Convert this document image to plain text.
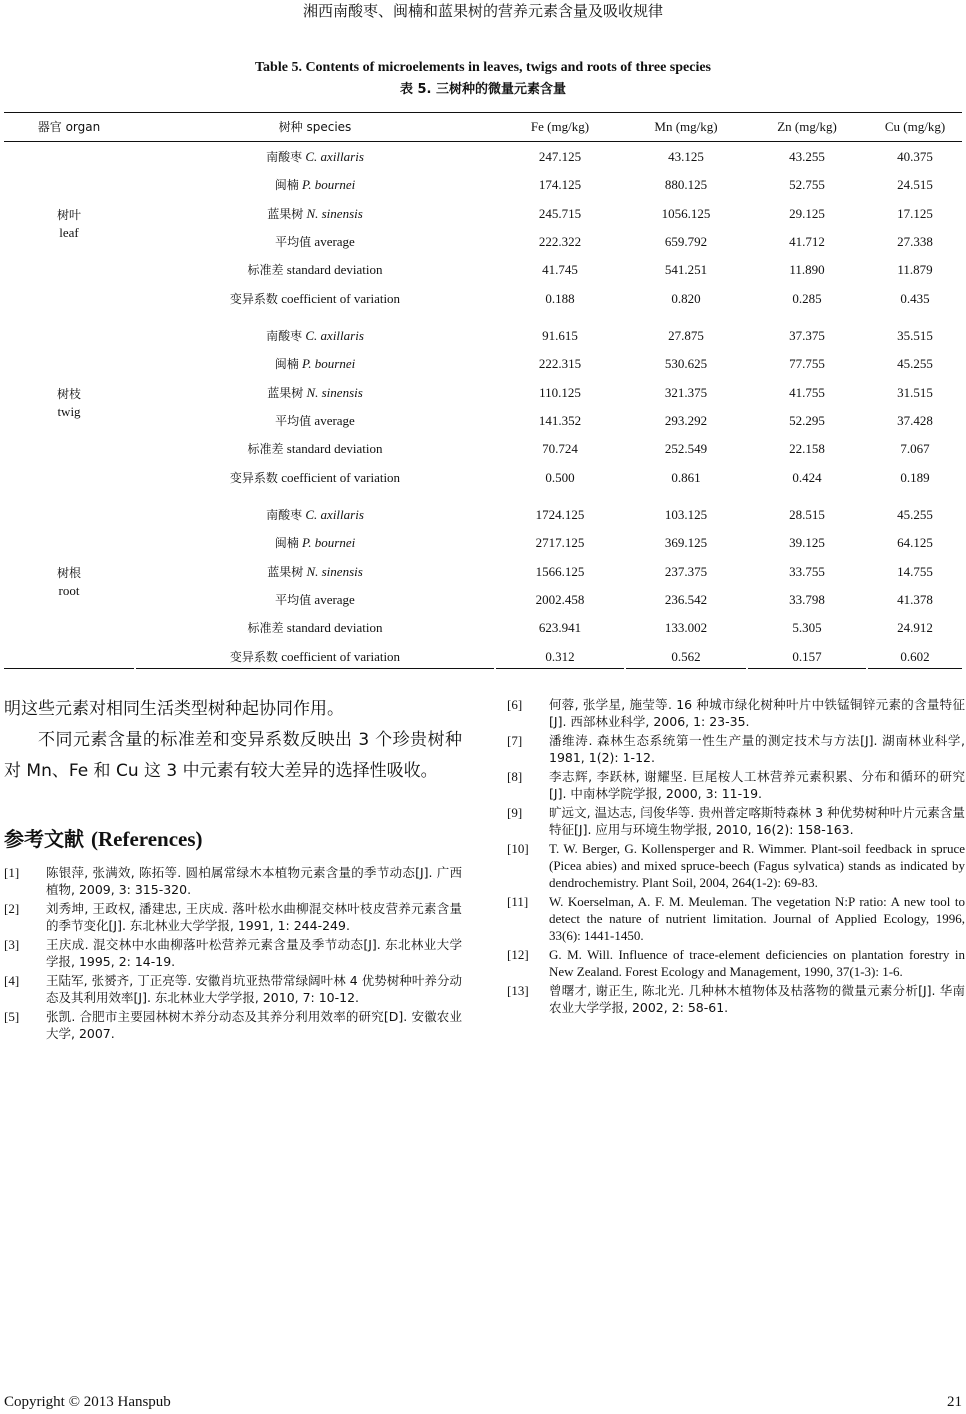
湘西南酸枣、闽楠和蓝果树的营养元素含量及吸收规律
Table 5. Contents of microelements in leaves, twigs and roots of three species
表 5. 三树种的微量元素含量
器官 organ	树种 species	Fe (mg/kg)	Mn (mg/kg)	Zn (mg/kg)	Cu (mg/kg)
树叶
leaf
南酸枣 C. axillaris	247.125	43.125	43.255	40.375
闽楠 P. bournei	174.125	880.125	52.755	24.515
蓝果树 N. sinensis	245.715	1056.125	29.125	17.125
平均值 average	222.322	659.792	41.712	27.338
标准差 standard deviation	41.745	541.251	11.890	11.879
变异系数 coefficient of variation	0.188	0.820	0.285	0.435
树枝
twig
南酸枣 C. axillaris	91.615	27.875	37.375	35.515
闽楠 P. bournei	222.315	530.625	77.755	45.255
蓝果树 N. sinensis	110.125	321.375	41.755	31.515
平均值 average	141.352	293.292	52.295	37.428
标准差 standard deviation	70.724	252.549	22.158	7.067
变异系数 coefficient of variation	0.500	0.861	0.424	0.189
树根
root
南酸枣 C. axillaris	1724.125	103.125	28.515	45.255
闽楠 P. bournei	2717.125	369.125	39.125	64.125
蓝果树 N. sinensis	1566.125	237.375	33.755	14.755
平均值 average	2002.458	236.542	33.798	41.378
标准差 standard deviation	623.941	133.002	5.305	24.912
变异系数 coefficient of variation	0.312	0.562	0.157	0.602

明这些元素对相同生活类型树种起协同作用。

不同元素含量的标准差和变异系数反映出 3 个珍贵树种对 Mn、Fe 和 Cu 这 3 中元素有较大差异的选择性吸收。

参考文献 (References)
[1] 陈银萍, 张满效, 陈拓等. 圆柏属常绿木本植物元素含量的季节动态[J]. 广西植物, 2009, 3: 315-320.
[2] 刘秀坤, 王政权, 潘建忠, 王庆成. 落叶松水曲柳混交林叶枝皮营养元素含量的季节变化[J]. 东北林业大学学报, 1991, 1: 244-249.
[3] 王庆成. 混交林中水曲柳落叶松营养元素含量及季节动态[J]. 东北林业大学学报, 1995, 2: 14-19.
[4] 王陆军, 张赟齐, 丁正亮等. 安徽肖坑亚热带常绿阔叶林 4 优势树种叶养分动态及其利用效率[J]. 东北林业大学学报, 2010, 7: 10-12.
[5] 张凯. 合肥市主要园林树木养分动态及其养分利用效率的研究[D]. 安徽农业大学, 2007.
[6] 何蓉, 张学星, 施莹等. 16 种城市绿化树种叶片中铁锰铜锌元素的含量特征[J]. 西部林业科学, 2006, 1: 23-35.
[7] 潘维涛. 森林生态系统第一性生产量的测定技术与方法[J]. 湖南林业科学, 1981, 1(2): 1-12.
[8] 李志辉, 李跃林, 谢耀坚. 巨尾桉人工林营养元素积累、分布和循环的研究[J]. 中南林学院学报, 2000, 3: 11-19.
[9] 旷远文, 温达志, 闫俊华等. 贵州普定喀斯特森林 3 种优势树种叶片元素含量特征[J]. 应用与环境生物学报, 2010, 16(2): 158-163.
[10] T. W. Berger, G. Kollensperger and R. Wimmer. Plant-soil feedback in spruce (Picea abies) and mixed spruce-beech (Fagus sylvatica) stands as indicated by dendrochemistry. Plant Soil, 2004, 264(1-2): 69-83.
[11] W. Koerselman, A. F. M. Meuleman. The vegetation N:P ratio: A new tool to detect the nature of nutrient limitation. Journal of Applied Ecology, 1996, 33(6): 1441-1450.
[12] G. M. Will. Influence of trace-element deficiencies on plantation forestry in New Zealand. Forest Ecology and Management, 1990, 37(1-3): 1-6.
[13] 曾曙才, 谢正生, 陈北光. 几种林木植物体及枯落物的微量元素分析[J]. 华南农业大学学报, 2002, 2: 58-61.
Copyright © 2013 Hanspub	21
